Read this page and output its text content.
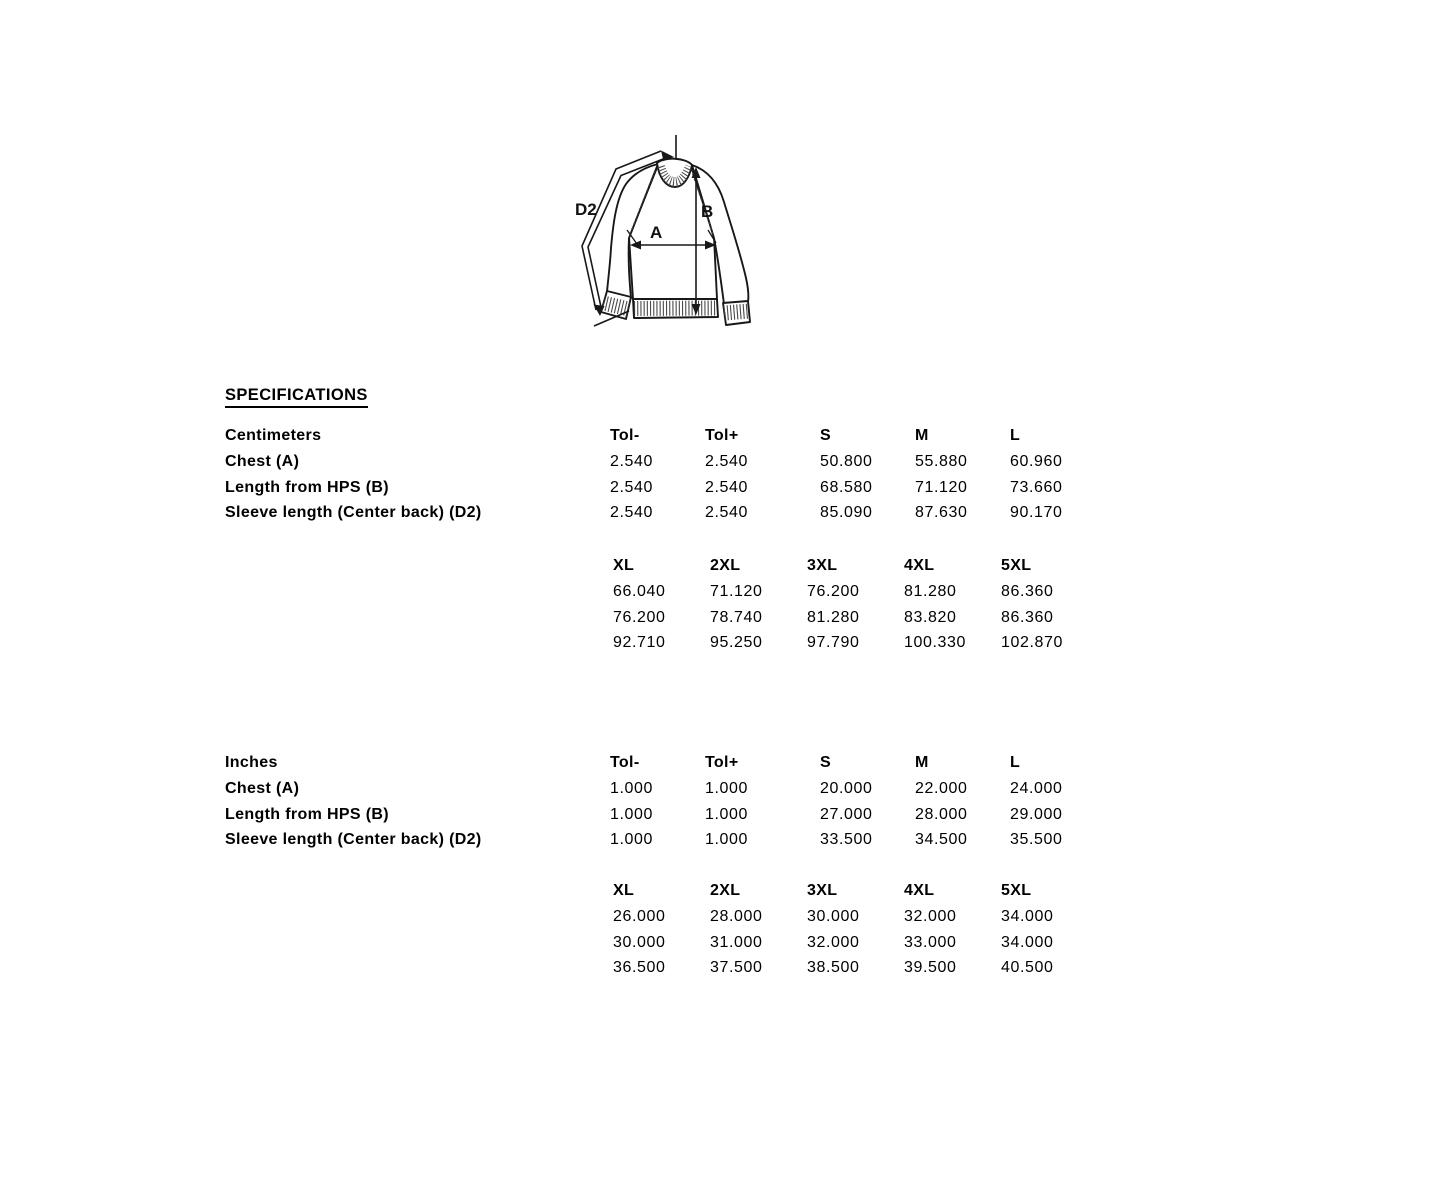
D2	B
A
SPECIFICATIONS
Centimeters	Tol-	Tol+	S	M	L
Chest (A)	2.540	2.540	50.800	55.880	60.960
Length from HPS (B)	2.540	2.540	68.580	71.120	73.660
Sleeve length (Center back) (D2)	2.540	2.540	85.090	87.630	90.170
XL	2XL	3XL	4XL	5XL
66.040	71.120	76.200	81.280	86.360
76.200	78.740	81.280	83.820	86.360
92.710	95.250	97.790	100.330	102.870
Inches	Tol-	Tol+	S	M	L
Chest (A)	1.000	1.000	20.000	22.000	24.000
Length from HPS (B)	1.000	1.000	27.000	28.000	29.000
Sleeve length (Center back) (D2)	1.000	1.000	33.500	34.500	35.500
XL	2XL	3XL	4XL	5XL
26.000	28.000	30.000	32.000	34.000
30.000	31.000	32.000	33.000	34.000
36.500	37.500	38.500	39.500	40.500
